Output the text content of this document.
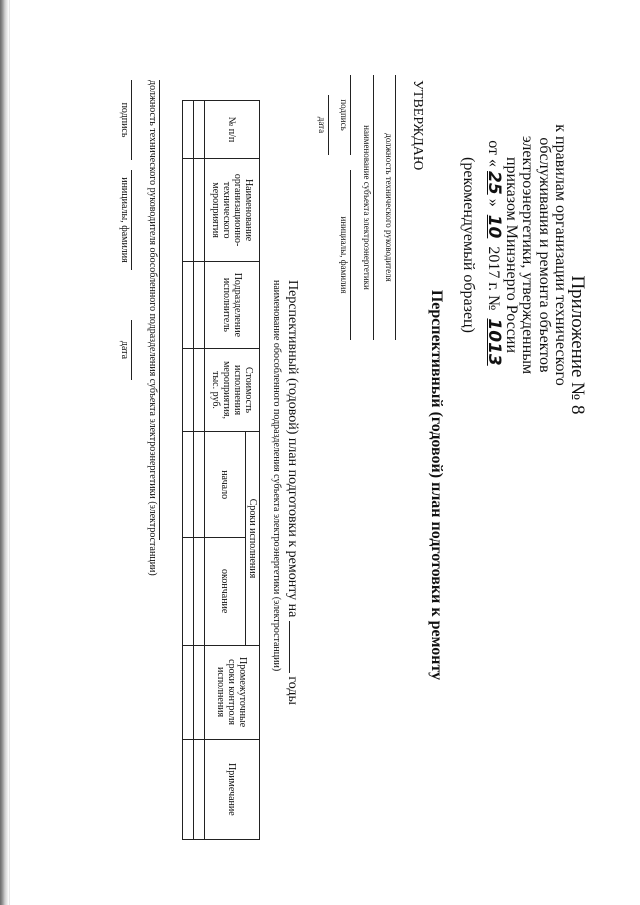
Приложение № 8
к правилам организации технического
обслуживания и ремонта объектов
электроэнергетики, утвержденным
приказом Минэнерго России
от «25» 10 2017 г. № 1013
(рекомендуемый образец)
УТВЕРЖДАЮ
должность технического руководителя
наименование субъекта электроэнергетики
подпись
инициалы, фамилия
дата
Перспективный (годовой) план подготовки к ремонту
Перспективный (годовой) план подготовки к ремонту на  годы
наименование обособленного подразделения субъекта электроэнергетики (электростанции)
№ п/п	Наименование организационно-технического мероприятия	Подразделение исполнитель	Стоимость исполнения мероприятия, тыс. руб.	Сроки исполнения		Промежуточные сроки контроля исполнения	Примечание
				начало	окончание		

должность технического руководителя обособленного подразделения субъекта электроэнергетики (электростанции)
подпись
инициалы, фамилия
дата
